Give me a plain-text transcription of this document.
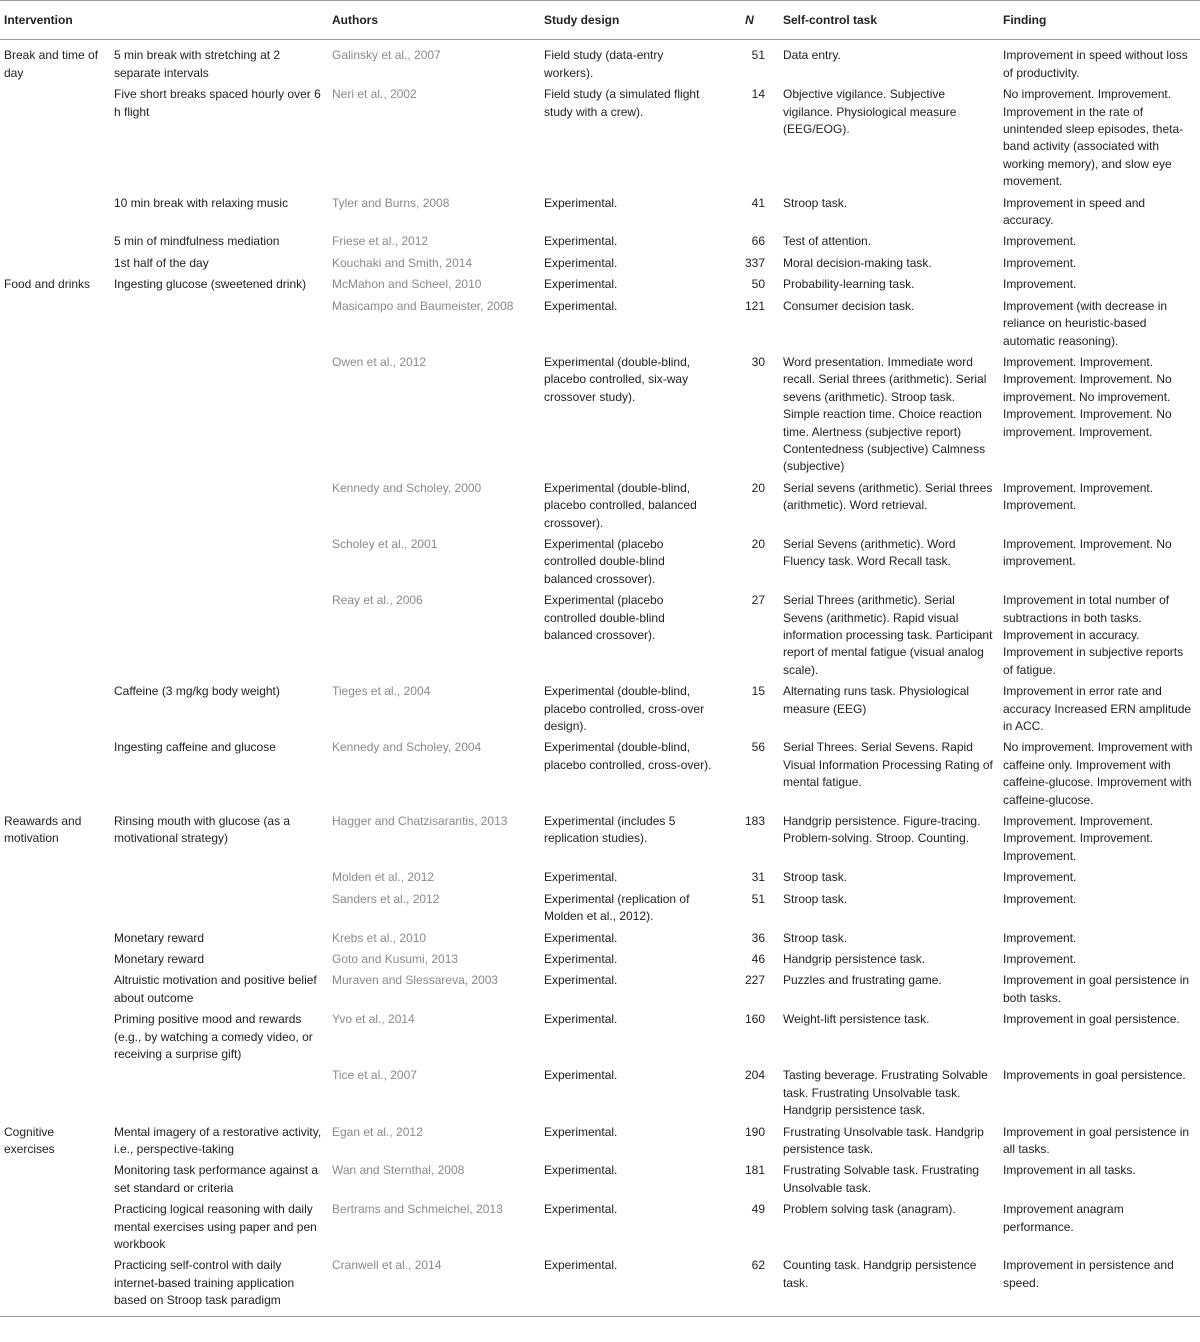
Intervention		Authors	Study design	N	Self-control task	Finding
Break and time of day	5 min break with stretching at 2 separate intervals	Galinsky et al., 2007	Field study (data-entry workers).	51	Data entry.	Improvement in speed without loss of productivity.
	Five short breaks spaced hourly over 6 h flight	Neri et al., 2002	Field study (a simulated flight study with a crew).	14	Objective vigilance. Subjective vigilance. Physiological measure (EEG/EOG).	No improvement. Improvement. Improvement in the rate of unintended sleep episodes, theta-band activity (associated with working memory), and slow eye movement.
	10 min break with relaxing music	Tyler and Burns, 2008	Experimental.	41	Stroop task.	Improvement in speed and accuracy.
	5 min of mindfulness mediation	Friese et al., 2012	Experimental.	66	Test of attention.	Improvement.
	1st half of the day	Kouchaki and Smith, 2014	Experimental.	337	Moral decision-making task.	Improvement.
Food and drinks	Ingesting glucose (sweetened drink)	McMahon and Scheel, 2010	Experimental.	50	Probability-learning task.	Improvement.
		Masicampo and Baumeister, 2008	Experimental.	121	Consumer decision task.	Improvement (with decrease in reliance on heuristic-based automatic reasoning).
		Owen et al., 2012	Experimental (double-blind, placebo controlled, six-way crossover study).	30	Word presentation. Immediate word recall. Serial threes (arithmetic). Serial sevens (arithmetic). Stroop task. Simple reaction time. Choice reaction time. Alertness (subjective report) Contentedness (subjective) Calmness (subjective)	Improvement. Improvement. Improvement. Improvement. No improvement. No improvement. Improvement. Improvement. No improvement. Improvement.
		Kennedy and Scholey, 2000	Experimental (double-blind, placebo controlled, balanced crossover).	20	Serial sevens (arithmetic). Serial threes (arithmetic). Word retrieval.	Improvement. Improvement. Improvement.
		Scholey et al., 2001	Experimental (placebo controlled double-blind balanced crossover).	20	Serial Sevens (arithmetic). Word Fluency task. Word Recall task.	Improvement. Improvement. No improvement.
		Reay et al., 2006	Experimental (placebo controlled double-blind balanced crossover).	27	Serial Threes (arithmetic). Serial Sevens (arithmetic). Rapid visual information processing task. Participant report of mental fatigue (visual analog scale).	Improvement in total number of subtractions in both tasks. Improvement in accuracy. Improvement in subjective reports of fatigue.
	Caffeine (3 mg/kg body weight)	Tieges et al., 2004	Experimental (double-blind, placebo controlled, cross-over design).	15	Alternating runs task. Physiological measure (EEG)	Improvement in error rate and accuracy Increased ERN amplitude in ACC.
	Ingesting caffeine and glucose	Kennedy and Scholey, 2004	Experimental (double-blind, placebo controlled, cross-over).	56	Serial Threes. Serial Sevens. Rapid Visual Information Processing Rating of mental fatigue.	No improvement. Improvement with caffeine only. Improvement with caffeine-glucose. Improvement with caffeine-glucose.
Reawards and motivation	Rinsing mouth with glucose (as a motivational strategy)	Hagger and Chatzisarantis, 2013	Experimental (includes 5 replication studies).	183	Handgrip persistence. Figure-tracing. Problem-solving. Stroop. Counting.	Improvement. Improvement. Improvement. Improvement. Improvement.
		Molden et al., 2012	Experimental.	31	Stroop task.	Improvement.
		Sanders et al., 2012	Experimental (replication of Molden et al., 2012).	51	Stroop task.	Improvement.
	Monetary reward	Krebs et al., 2010	Experimental.	36	Stroop task.	Improvement.
	Monetary reward	Goto and Kusumi, 2013	Experimental.	46	Handgrip persistence task.	Improvement.
	Altruistic motivation and positive belief about outcome	Muraven and Slessareva, 2003	Experimental.	227	Puzzles and frustrating game.	Improvement in goal persistence in both tasks.
	Priming positive mood and rewards (e.g., by watching a comedy video, or receiving a surprise gift)	Yvo et al., 2014	Experimental.	160	Weight-lift persistence task.	Improvement in goal persistence.
		Tice et al., 2007	Experimental.	204	Tasting beverage. Frustrating Solvable task. Frustrating Unsolvable task. Handgrip persistence task.	Improvements in goal persistence.
Cognitive exercises	Mental imagery of a restorative activity, i.e., perspective-taking	Egan et al., 2012	Experimental.	190	Frustrating Unsolvable task. Handgrip persistence task.	Improvement in goal persistence in all tasks.
	Monitoring task performance against a set standard or criteria	Wan and Sternthal, 2008	Experimental.	181	Frustrating Solvable task. Frustrating Unsolvable task.	Improvement in all tasks.
	Practicing logical reasoning with daily mental exercises using paper and pen workbook	Bertrams and Schmeichel, 2013	Experimental.	49	Problem solving task (anagram).	Improvement anagram performance.
	Practicing self-control with daily internet-based training application based on Stroop task paradigm	Cranwell et al., 2014	Experimental.	62	Counting task. Handgrip persistence task.	Improvement in persistence and speed.
